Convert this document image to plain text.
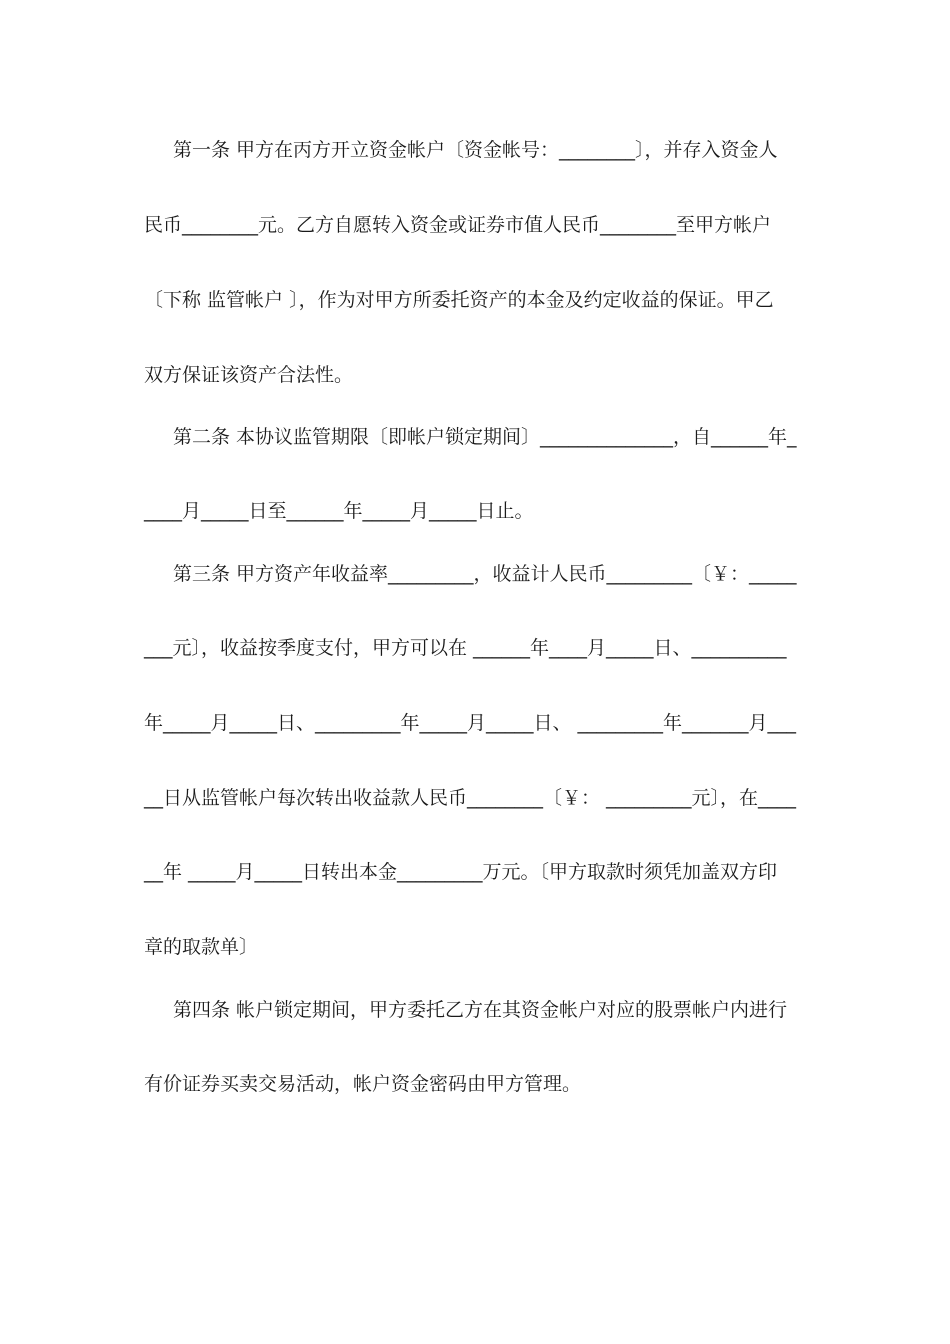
第一条 甲方在丙方开立资金帐户〔资金帐号：________〕，并存入资金人
民币________元。乙方自愿转入资金或证券市值人民币________至甲方帐户
〔下称 监管帐户 〕，作为对甲方所委托资产的本金及约定收益的保证。甲乙
双方保证该资产合法性。
第二条 本协议监管期限〔即帐户锁定期间〕______________，自______年_
____月_____日至______年_____月_____日止。
第三条 甲方资产年收益率_________，收益计人民币_________〔￥：_____
___元〕，收益按季度支付，甲方可以在 ______年____月_____日、__________
年_____月_____日、_________年_____月_____日、 _________年_______月___
__日从监管帐户每次转出收益款人民币________〔￥： _________元〕，在____
__年 _____月_____日转出本金_________万元。〔甲方取款时须凭加盖双方印
章的取款单〕
第四条 帐户锁定期间，甲方委托乙方在其资金帐户对应的股票帐户内进行
有价证券买卖交易活动，帐户资金密码由甲方管理。
